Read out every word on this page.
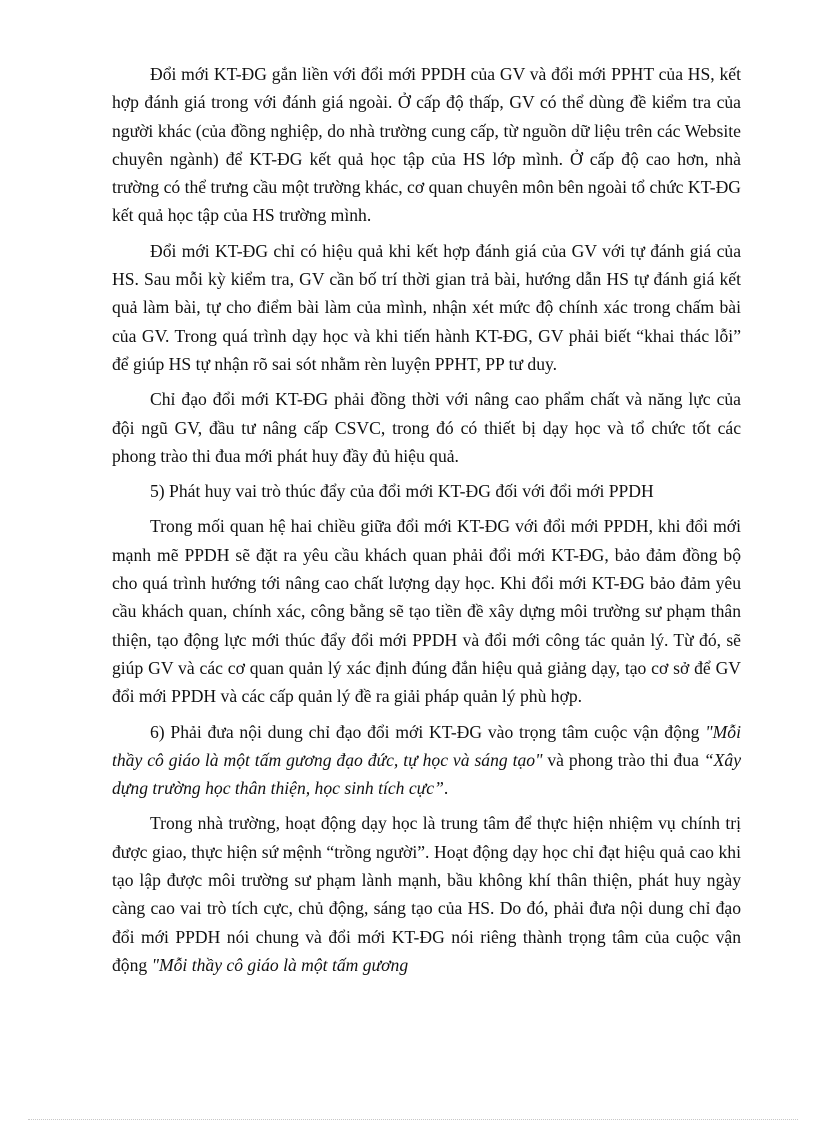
Đổi mới KT-ĐG gắn liền với đổi mới PPDH của GV và đổi mới PPHT của HS, kết hợp đánh giá trong với đánh giá ngoài. Ở cấp độ thấp, GV có thể dùng đề kiểm tra của người khác (của đồng nghiệp, do nhà trường cung cấp, từ nguồn dữ liệu trên các Website chuyên ngành) để KT-ĐG kết quả học tập của HS lớp mình. Ở cấp độ cao hơn, nhà trường có thể trưng cầu một trường khác, cơ quan chuyên môn bên ngoài tổ chức KT-ĐG kết quả học tập của HS trường mình.

Đổi mới KT-ĐG chỉ có hiệu quả khi kết hợp đánh giá của GV với tự đánh giá của HS. Sau mỗi kỳ kiểm tra, GV cần bố trí thời gian trả bài, hướng dẫn HS tự đánh giá kết quả làm bài, tự cho điểm bài làm của mình, nhận xét mức độ chính xác trong chấm bài của GV. Trong quá trình dạy học và khi tiến hành KT-ĐG, GV phải biết “khai thác lỗi” để giúp HS tự nhận rõ sai sót nhằm rèn luyện PPHT, PP tư duy.

Chỉ đạo đổi mới KT-ĐG phải đồng thời với nâng cao phẩm chất và năng lực của đội ngũ GV, đầu tư nâng cấp CSVC, trong đó có thiết bị dạy học và tổ chức tốt các phong trào thi đua mới phát huy đầy đủ hiệu quả.

5) Phát huy vai trò thúc đẩy của đổi mới KT-ĐG đối với đổi mới PPDH

Trong mối quan hệ hai chiều giữa đổi mới KT-ĐG với đổi mới PPDH, khi đổi mới mạnh mẽ PPDH sẽ đặt ra yêu cầu khách quan phải đổi mới KT-ĐG, bảo đảm đồng bộ cho quá trình hướng tới nâng cao chất lượng dạy học. Khi đổi mới KT-ĐG bảo đảm yêu cầu khách quan, chính xác, công bằng sẽ tạo tiền đề xây dựng môi trường sư phạm thân thiện, tạo động lực mới thúc đẩy đổi mới PPDH và đổi mới công tác quản lý. Từ đó, sẽ giúp GV và các cơ quan quản lý xác định đúng đắn hiệu quả giảng dạy, tạo cơ sở để GV đổi mới PPDH và các cấp quản lý đề ra giải pháp quản lý phù hợp.

6) Phải đưa nội dung chỉ đạo đổi mới KT-ĐG vào trọng tâm cuộc vận động "Mỗi thầy cô giáo là một tấm gương đạo đức, tự học và sáng tạo" và phong trào thi đua “Xây dựng trường học thân thiện, học sinh tích cực”.

Trong nhà trường, hoạt động dạy học là trung tâm để thực hiện nhiệm vụ chính trị được giao, thực hiện sứ mệnh “trồng người”. Hoạt động dạy học chỉ đạt hiệu quả cao khi tạo lập được môi trường sư phạm lành mạnh, bầu không khí thân thiện, phát huy ngày càng cao vai trò tích cực, chủ động, sáng tạo của HS. Do đó, phải đưa nội dung chỉ đạo đổi mới PPDH nói chung và đổi mới KT-ĐG nói riêng thành trọng tâm của cuộc vận động "Mỗi thầy cô giáo là một tấm gương
